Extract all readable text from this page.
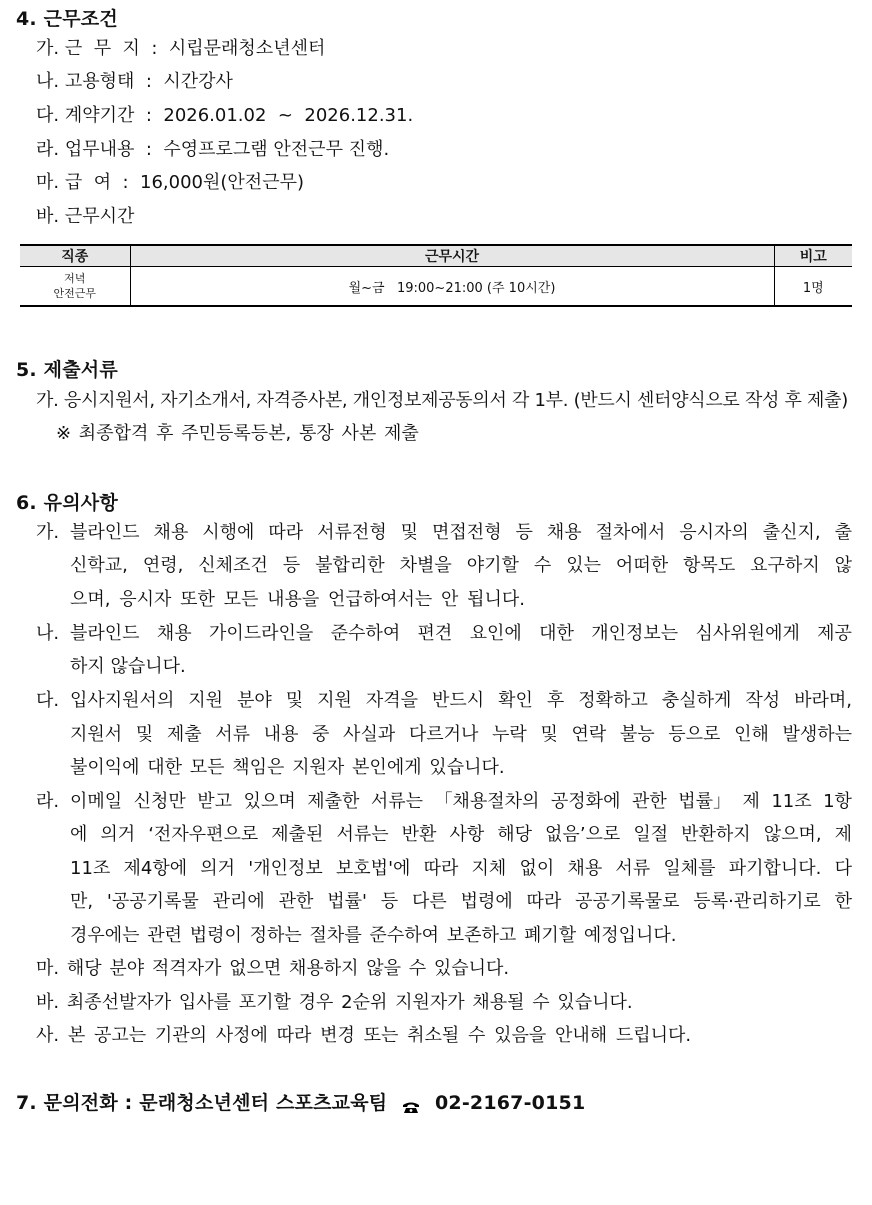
4. 근무조건
가. 근  무  지  :  시립문래청소년센터
나. 고용형태  :  시간강사
다. 계약기간  :  2026.01.02  ~  2026.12.31.
라. 업무내용  :  수영프로그램 안전근무 진행.
마. 급  여  :  16,000원(안전근무)
바. 근무시간
직종	근무시간	비고

저녁
안전근무	월~금   19:00~21:00 (주 10시간)	1명
5. 제출서류
가. 응시지원서, 자기소개서, 자격증사본, 개인정보제공동의서 각 1부. (반드시 센터양식으로 작성 후 제출)
※ 최종합격 후 주민등록등본, 통장 사본 제출
6. 유의사항
가. 블라인드 채용 시행에 따라 서류전형 및 면접전형 등 채용 절차에서 응시자의 출신지, 출
신학교, 연령, 신체조건 등 불합리한 차별을 야기할 수 있는 어떠한 항목도 요구하지 않
으며, 응시자 또한 모든 내용을 언급하여서는 안 됩니다.
나. 블라인드 채용 가이드라인을 준수하여 편견 요인에 대한 개인정보는 심사위원에게 제공
하지 않습니다.
다. 입사지원서의 지원 분야 및 지원 자격을 반드시 확인 후 정확하고 충실하게 작성 바라며,
지원서 및 제출 서류 내용 중 사실과 다르거나 누락 및 연락 불능 등으로 인해 발생하는
불이익에 대한 모든 책임은 지원자 본인에게 있습니다.
라. 이메일 신청만 받고 있으며 제출한 서류는 「채용절차의 공정화에 관한 법률」 제 11조 1항
에 의거 ‘전자우편으로 제출된 서류는 반환 사항 해당 없음’으로 일절 반환하지 않으며, 제
11조 제4항에 의거 '개인정보 보호법'에 따라 지체 없이 채용 서류 일체를 파기합니다. 다
만, '공공기록물 관리에 관한 법률' 등 다른 법령에 따라 공공기록물로 등록·관리하기로 한
경우에는 관련 법령이 정하는 절차를 준수하여 보존하고 폐기할 예정입니다.
마. 해당 분야 적격자가 없으면 채용하지 않을 수 있습니다.
바. 최종선발자가 입사를 포기할 경우 2순위 지원자가 채용될 수 있습니다.
사. 본 공고는 기관의 사정에 따라 변경 또는 취소될 수 있음을 안내해 드립니다.
7. 문의전화 : 문래청소년센터 스포츠교육팀	02-2167-0151
